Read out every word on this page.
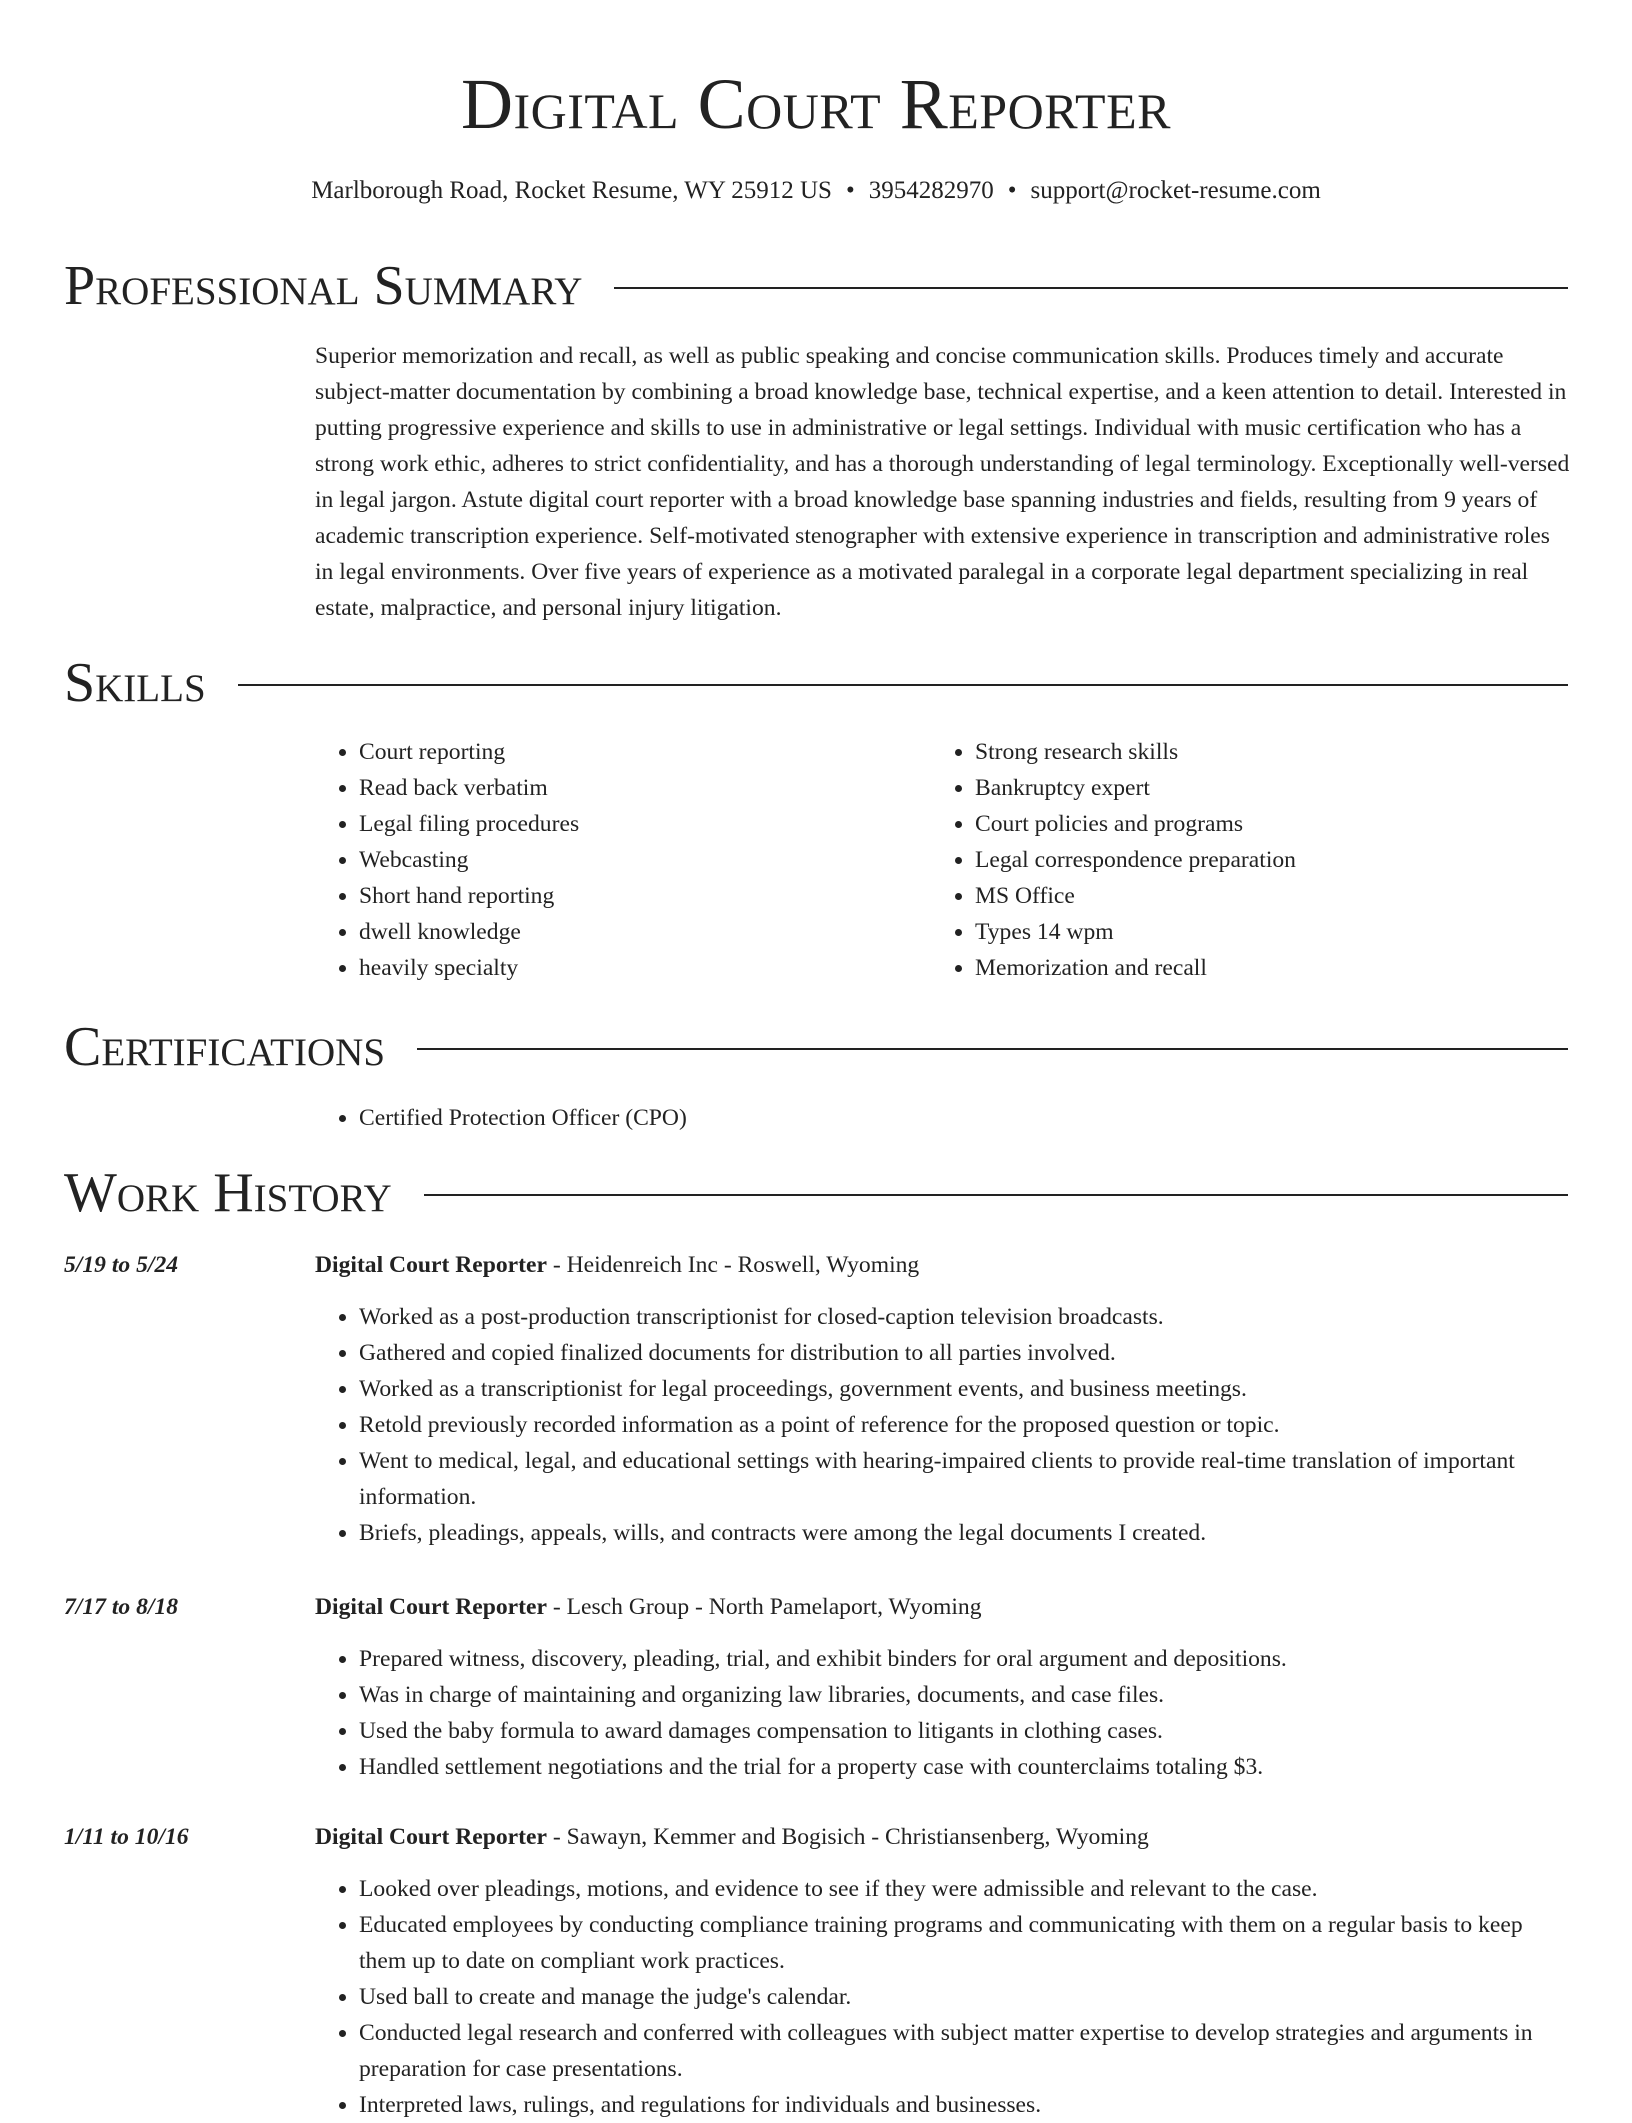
Digital Court Reporter
Marlborough Road, Rocket Resume, WY 25912 US • 3954282970 • support@rocket-resume.com
Professional Summary
Superior memorization and recall, as well as public speaking and concise communication skills. Produces timely and accurate subject-matter documentation by combining a broad knowledge base, technical expertise, and a keen attention to detail. Interested in putting progressive experience and skills to use in administrative or legal settings. Individual with music certification who has a strong work ethic, adheres to strict confidentiality, and has a thorough understanding of legal terminology. Exceptionally well-versed in legal jargon. Astute digital court reporter with a broad knowledge base spanning industries and fields, resulting from 9 years of academic transcription experience. Self-motivated stenographer with extensive experience in transcription and administrative roles in legal environments. Over five years of experience as a motivated paralegal in a corporate legal department specializing in real estate, malpractice, and personal injury litigation.
Skills
• Court reporting
• Read back verbatim
• Legal filing procedures
• Webcasting
• Short hand reporting
• dwell knowledge
• heavily specialty
• Strong research skills
• Bankruptcy expert
• Court policies and programs
• Legal correspondence preparation
• MS Office
• Types 14 wpm
• Memorization and recall
Certifications
• Certified Protection Officer (CPO)
Work History
5/19 to 5/24	Digital Court Reporter - Heidenreich Inc - Roswell, Wyoming
• Worked as a post-production transcriptionist for closed-caption television broadcasts.
• Gathered and copied finalized documents for distribution to all parties involved.
• Worked as a transcriptionist for legal proceedings, government events, and business meetings.
• Retold previously recorded information as a point of reference for the proposed question or topic.
• Went to medical, legal, and educational settings with hearing-impaired clients to provide real-time translation of important information.
• Briefs, pleadings, appeals, wills, and contracts were among the legal documents I created.
7/17 to 8/18	Digital Court Reporter - Lesch Group - North Pamelaport, Wyoming
• Prepared witness, discovery, pleading, trial, and exhibit binders for oral argument and depositions.
• Was in charge of maintaining and organizing law libraries, documents, and case files.
• Used the baby formula to award damages compensation to litigants in clothing cases.
• Handled settlement negotiations and the trial for a property case with counterclaims totaling $3.
1/11 to 10/16	Digital Court Reporter - Sawayn, Kemmer and Bogisich - Christiansenberg, Wyoming
• Looked over pleadings, motions, and evidence to see if they were admissible and relevant to the case.
• Educated employees by conducting compliance training programs and communicating with them on a regular basis to keep them up to date on compliant work practices.
• Used ball to create and manage the judge's calendar.
• Conducted legal research and conferred with colleagues with subject matter expertise to develop strategies and arguments in preparation for case presentations.
• Interpreted laws, rulings, and regulations for individuals and businesses.
